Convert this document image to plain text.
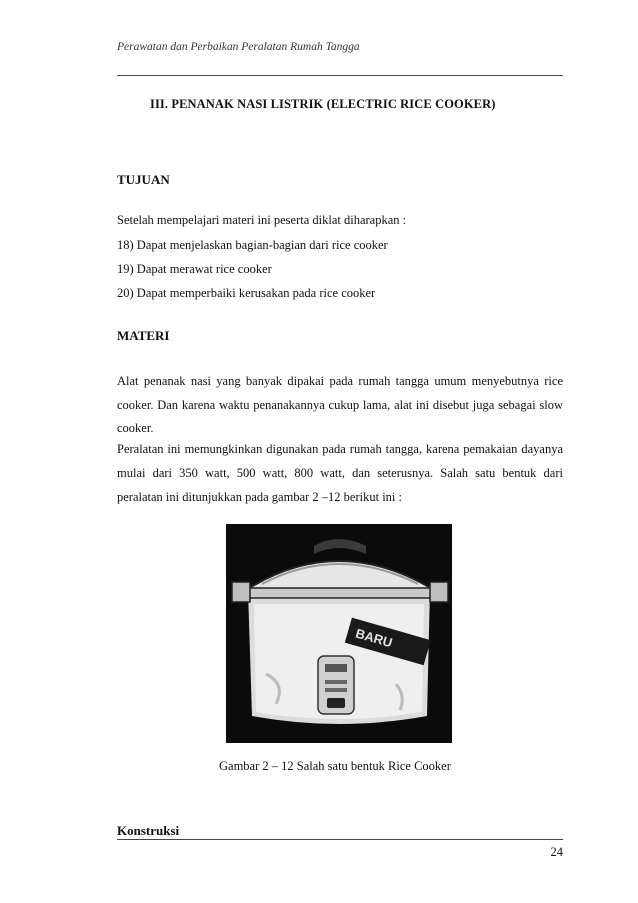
Perawatan dan Perbaikan Peralatan Rumah Tangga
III. PENANAK NASI LISTRIK (ELECTRIC RICE COOKER)
TUJUAN
Setelah mempelajari materi ini peserta diklat diharapkan :
18) Dapat menjelaskan bagian-bagian dari rice cooker
19) Dapat merawat rice cooker
20) Dapat memperbaiki kerusakan pada rice cooker
MATERI
Alat penanak nasi yang banyak dipakai pada rumah tangga umum menyebutnya rice
cooker. Dan karena waktu penanakannya cukup lama, alat ini disebut juga sebagai slow
cooker.
Peralatan ini memungkinkan digunakan pada rumah tangga, karena pemakaian dayanya
mulai dari 350 watt, 500 watt, 800 watt, dan seterusnya. Salah satu bentuk dari
peralatan ini ditunjukkan pada gambar 2 –12 berikut ini :
BARU
Gambar 2 – 12 Salah satu bentuk Rice Cooker
Konstruksi
24
